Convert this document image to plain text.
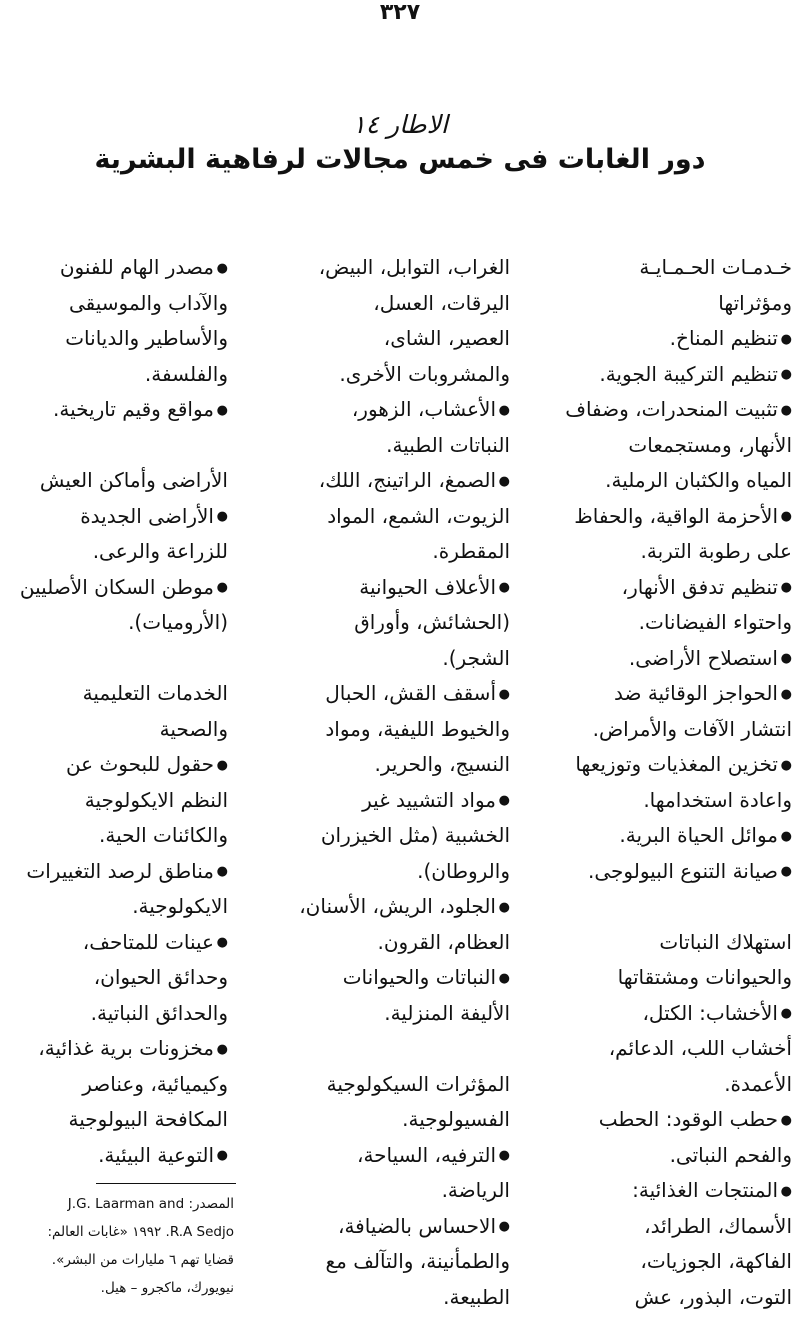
٣٢٧
الاطار ١٤
دور الغابات فى خمس مجالات لرفاهية البشرية
خـدمـات الحـمـايـة
ومؤثراتها
●تنظيم المناخ.
●تنظيم التركيبة الجوية.
●تثبيت المنحدرات، وضفاف
الأنهار، ومستجمعات
المياه والكثبان الرملية.
●الأحزمة الواقية، والحفاظ
على رطوبة التربة.
●تنظيم تدفق الأنهار،
واحتواء الفيضانات.
●استصلاح الأراضى.
●الحواجز الوقائية ضد
انتشار الآفات والأمراض.
●تخزين المغذيات وتوزيعها
واعادة استخدامها.
●موائل الحياة البرية.
●صيانة التنوع البيولوجى.
استهلاك النباتات
والحيوانات ومشتقاتها
●الأخشاب: الكتل،
أخشاب اللب، الدعائم،
الأعمدة.
●حطب الوقود: الحطب
والفحم النباتى.
●المنتجات الغذائية:
الأسماك، الطرائد،
الفاكهة، الجوزيات،
التوت، البذور، عش
الغراب، التوابل، البيض،
اليرقات، العسل،
العصير، الشاى،
والمشروبات الأخرى.
●الأعشاب، الزهور،
النباتات الطبية.
●الصمغ، الراتينج، اللك،
الزيوت، الشمع، المواد
المقطرة.
●الأعلاف الحيوانية
(الحشائش، وأوراق
الشجر).
●أسقف القش، الحبال
والخيوط الليفية، ومواد
النسيج، والحرير.
●مواد التشييد غير
الخشبية (مثل الخيزران
والروطان).
●الجلود، الريش، الأسنان،
العظام، القرون.
●النباتات والحيوانات
الأليفة المنزلية.
المؤثرات السيكولوجية
الفسيولوجية.
●الترفيه، السياحة،
الرياضة.
●الاحساس بالضيافة،
والطمأنينة، والتآلف مع
الطبيعة.
●مصدر الهام للفنون
والآداب والموسيقى
والأساطير والديانات
والفلسفة.
●مواقع وقيم تاريخية.
الأراضى وأماكن العيش
●الأراضى الجديدة
للزراعة والرعى.
●موطن السكان الأصليين
(الأروميات).
الخدمات التعليمية
والصحية
●حقول للبحوث عن
النظم الايكولوجية
والكائنات الحية.
●مناطق لرصد التغييرات
الايكولوجية.
●عينات للمتاحف،
وحدائق الحيوان،
والحدائق النباتية.
●مخزونات برية غذائية،
وكيميائية، وعناصر
المكافحة البيولوجية
●التوعية البيئية.
المصدر: J.G. Laarman and
R.A Sedjo. ١٩٩٢ «غابات العالم:
قضايا تهم ٦ مليارات من البشر».
نيويورك، ماكجرو – هيل.
